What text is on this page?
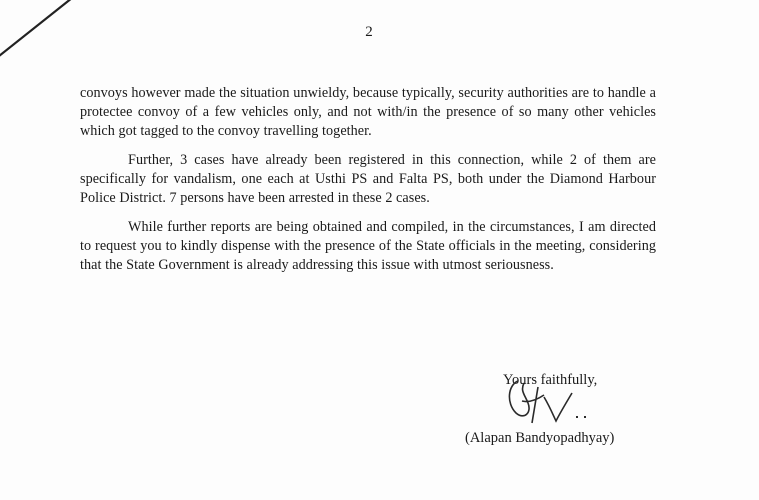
2

convoys however made the situation unwieldy, because typically, security authorities are to handle a protectee convoy of a few vehicles only, and not with/in the presence of so many other vehicles which got tagged to the convoy travelling together.

Further, 3 cases have already been registered in this connection, while 2 of them are specifically for vandalism, one each at Usthi PS and Falta PS, both under the Diamond Harbour Police District. 7 persons have been arrested in these 2 cases.

While further reports are being obtained and compiled, in the circumstances, I am directed to request you to kindly dispense with the presence of the State officials in the meeting, considering that the State Government is already addressing this issue with utmost seriousness.

Yours faithfully,
(Alapan Bandyopadhyay)
